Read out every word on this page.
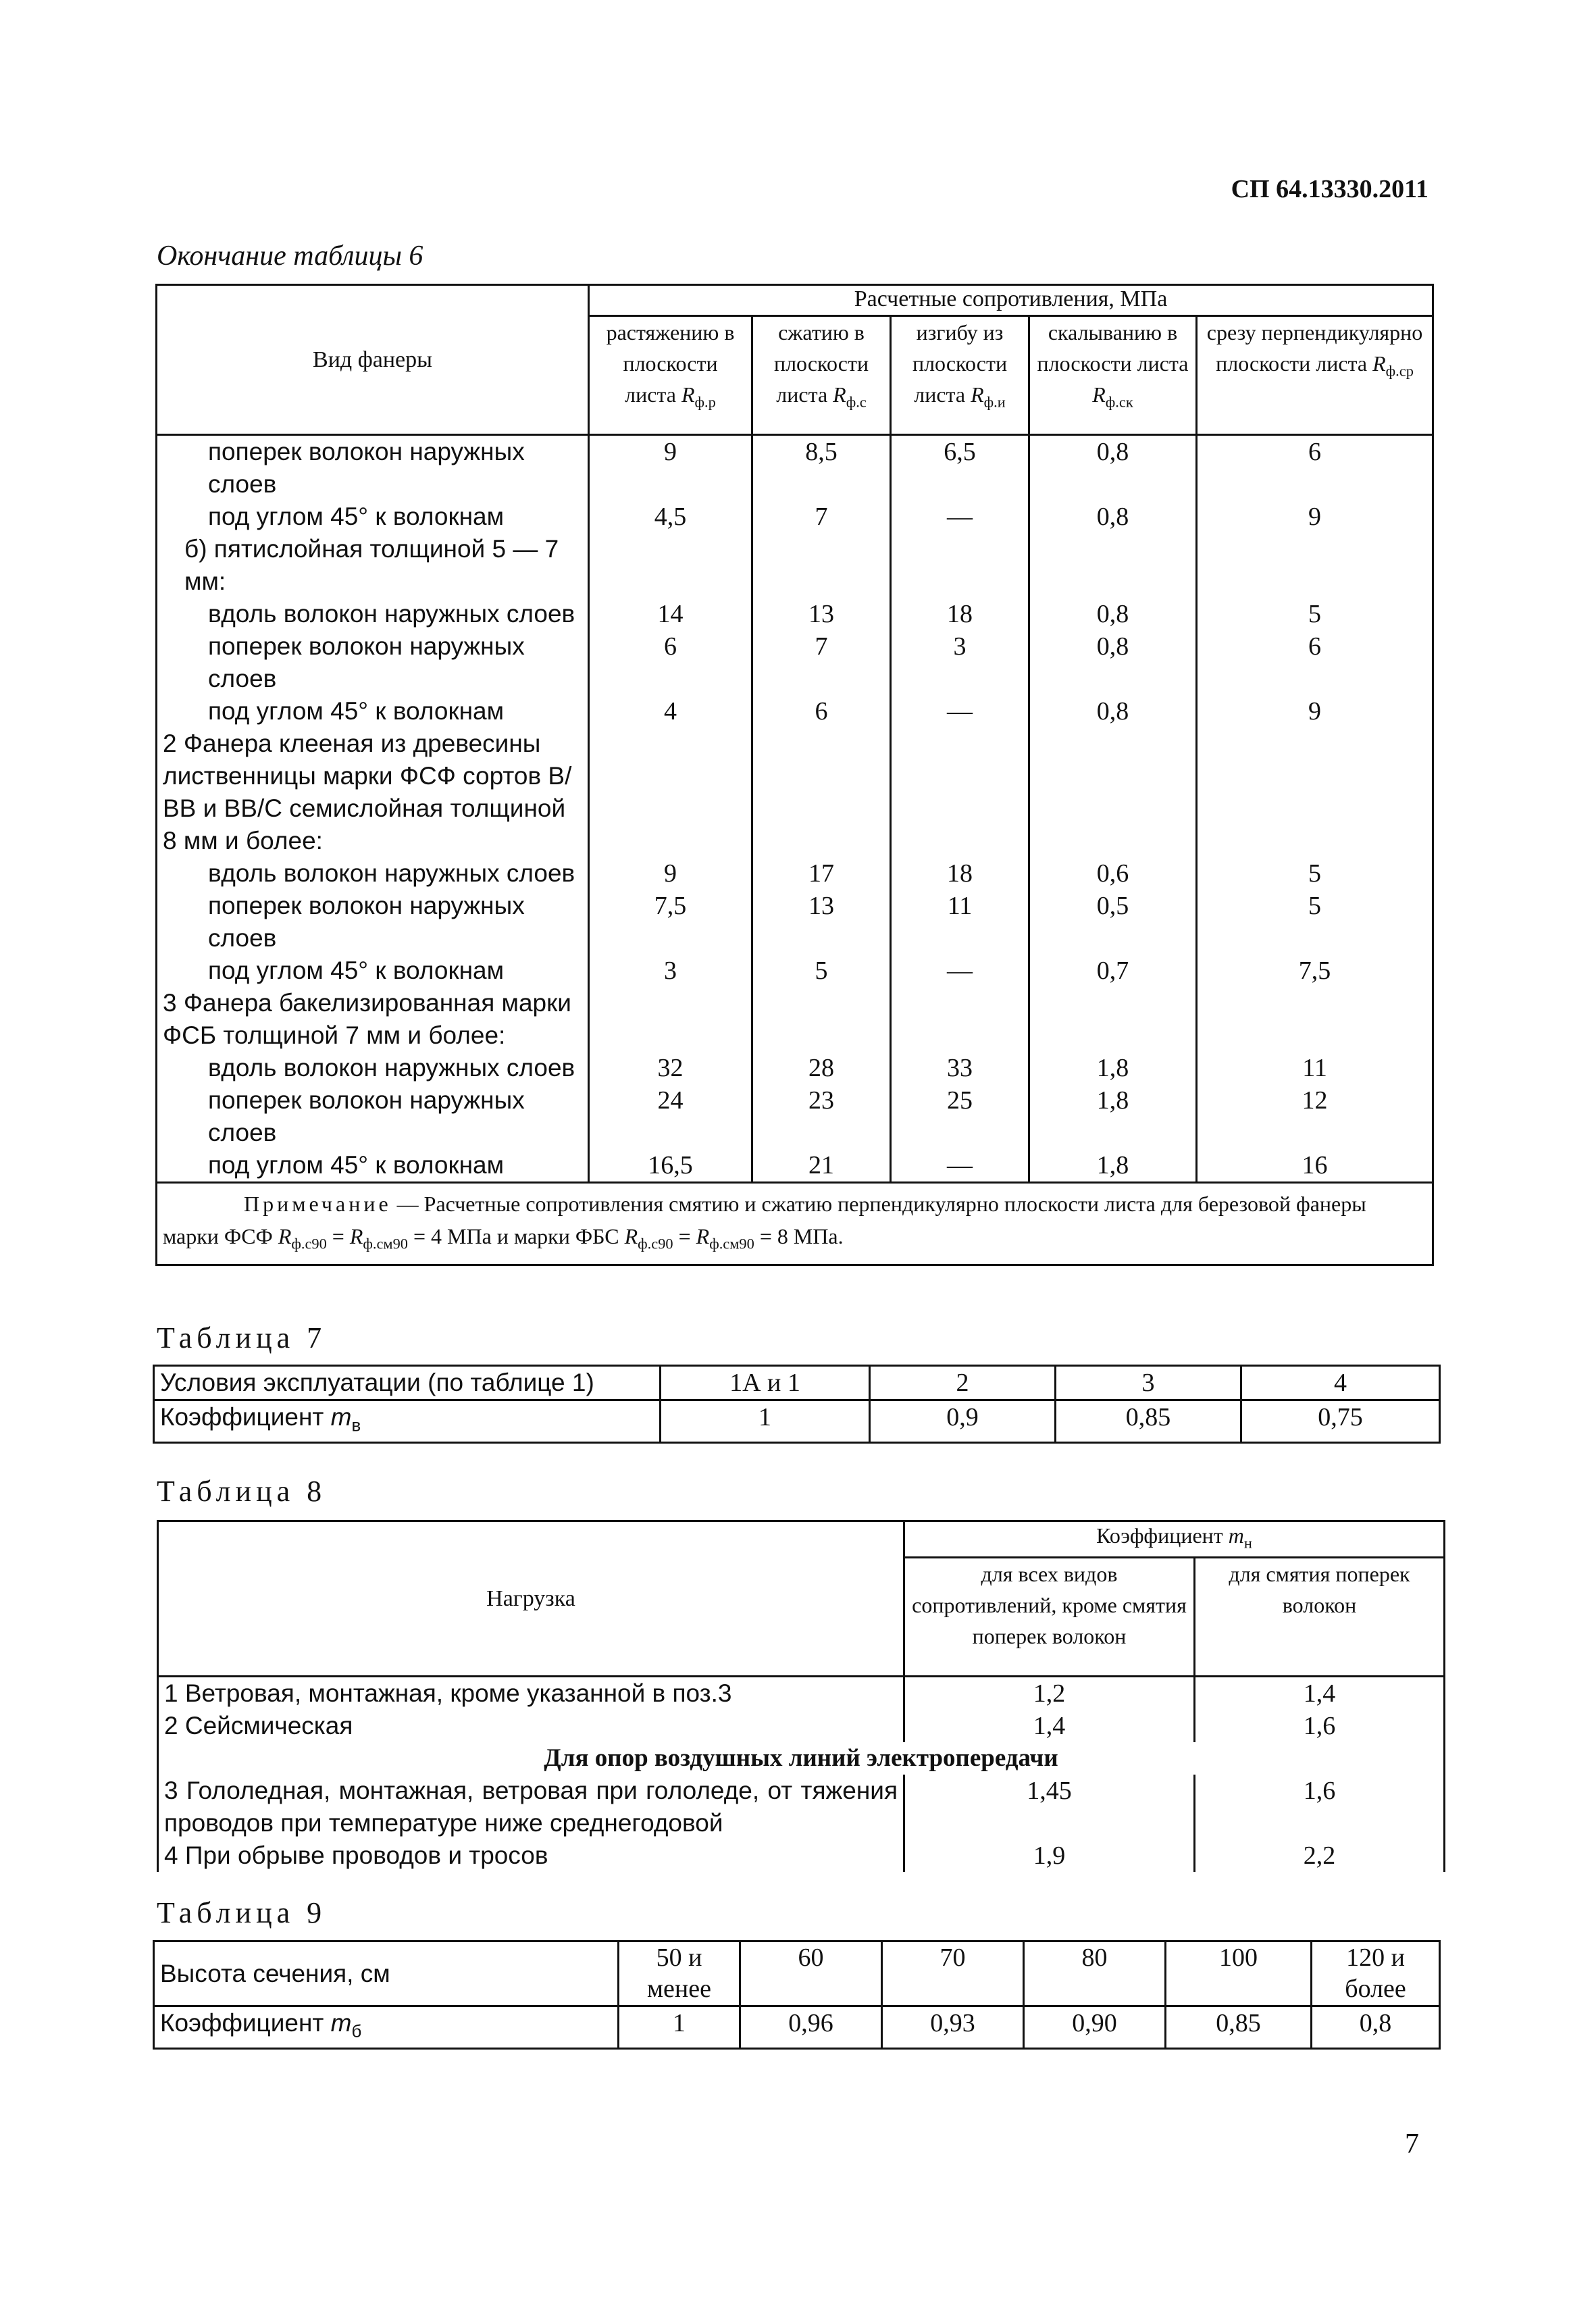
СП 64.13330.2011
Окончание таблицы 6
Вид фанеры	Расчетные сопротивления, МПа				
	растяжению в плоскости листа $R_{ф.р}$	сжатию в плоскости листа $R_{ф.с}$	изгибу из плоскости листа $R_{ф.и}$	скалыванию в плоскости листа $R_{ф.ск}$	срезу перпендикулярно плоскости листа $R_{ф.ср}$
поперек волокон наружных слоев	9	8,5	6,5	0,8	6
под углом 45° к волокнам	4,5	7	—	0,8	9
б) пятислойная толщиной 5 — 7 мм:					
вдоль волокон наружных слоев	14	13	18	0,8	5
поперек волокон наружных слоев	6	7	3	0,8	6
под углом 45° к волокнам	4	6	—	0,8	9
2 Фанера клееная из древесины лиственницы марки ФСФ сортов В/ВВ и ВВ/С семислойная толщиной 8 мм и более:					
вдоль волокон наружных слоев	9	17	18	0,6	5
поперек волокон наружных слоев	7,5	13	11	0,5	5
под углом 45° к волокнам	3	5	—	0,7	7,5
3 Фанера бакелизированная марки ФСБ толщиной 7 мм и более:					
вдоль волокон наружных слоев	32	28	33	1,8	11
поперек волокон наружных слоев	24	23	25	1,8	12
под углом 45° к волокнам	16,5	21	—	1,8	16
Примечание — Расчетные сопротивления смятию и сжатию перпендикулярно плоскости листа для березовой фанеры марки ФСФ $R_{ф.с90} = R_{ф.см90} = 4$ МПа и марки ФБС $R_{ф.с90} = R_{ф.см90} = 8$ МПа.					
Таблица 7
Условия эксплуатации (по таблице 1)	1А и 1	2	3	4
Коэффициент $m_в$	1	0,9	0,85	0,75
Таблица 8
Нагрузка	Коэффициент $m_н$
	для всех видов сопротивлений, кроме смятия поперек волокон	для смятия поперек волокон
1 Ветровая, монтажная, кроме указанной в поз.3	1,2	1,4
2 Сейсмическая	1,4	1,6
Для опор воздушных линий электропередачи		
3 Гололедная, монтажная, ветровая при гололеде, от тяжения проводов при температуре ниже среднегодовой	1,45	1,6
4 При обрыве проводов и тросов	1,9	2,2
Таблица 9
Высота сечения, см	50 и менее	60	70	80	100	120 и более
Коэффициент $m_б$	1	0,96	0,93	0,90	0,85	0,8
7
